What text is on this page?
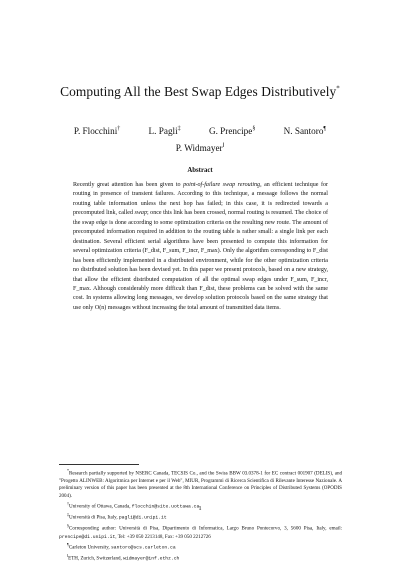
Computing All the Best Swap Edges Distributively*
P. Flocchini†	L. Pagli‡	G. Prencipe§	N. Santoro¶
P. Widmayer‖
Abstract

Recently great attention has been given to point-of-failure swap rerouting, an efficient technique for routing in presence of transient failures. According to this technique, a message follows the normal routing table information unless the next hop has failed; in this case, it is redirected towards a precomputed link, called swap; once this link has been crossed, normal routing is resumed. The choice of the swap edge is done according to some optimization criteria on the resulting new route. The amount of precomputed information required in addition to the routing table is rather small: a single link per each destination. Several efficient serial algorithms have been presented to compute this information for several optimization criteria (F_dist, F_sum, F_incr, F_max). Only the algorithm corresponding to F_dist has been efficiently implemented in a distributed environment, while for the other optimization criteria no distributed solution has been devised yet. In this paper we present protocols, based on a new strategy, that allow the efficient distributed computation of all the optimal swap edges under F_sum, F_incr, F_max. Although considerably more difficult than F_dist, these problems can be solved with the same cost. In systems allowing long messages, we develop solution protocols based on the same strategy that use only O(n) messages without increasing the total amount of transmitted data items.

*Research partially supported by NSERC Canada, TECSIS Co., and the Swiss BBW 03.0378-1 for EC contract 001907 (DELIS), and "Progetto ALINWEB: Algoritmica per Internet e per il Web", MIUR, Programmi di Ricerca Scientifica di Rilevante Interesse Nazionale. A preliminary version of this paper has been presented at the 8th International Conference on Principles of Distributed Systems (OPODIS 2004).

†University of Ottawa, Canada, flocchin@site.uottawa.ca

‡Università di Pisa, Italy, pagli@di.unipi.it

§Corresponding author: Università di Pisa, Dipartimento di Informatica, Largo Bruno Pontecorvo, 3, 5600 Pisa, Italy, email: prencipe@di.unipi.it, Tel: +39 050 2213148, Fax: +39 050 2212726

¶Carleton University, santoro@scs.carleton.ca

‖ETH, Zurich, Switzerland, widmayer@inf.ethz.ch

1
